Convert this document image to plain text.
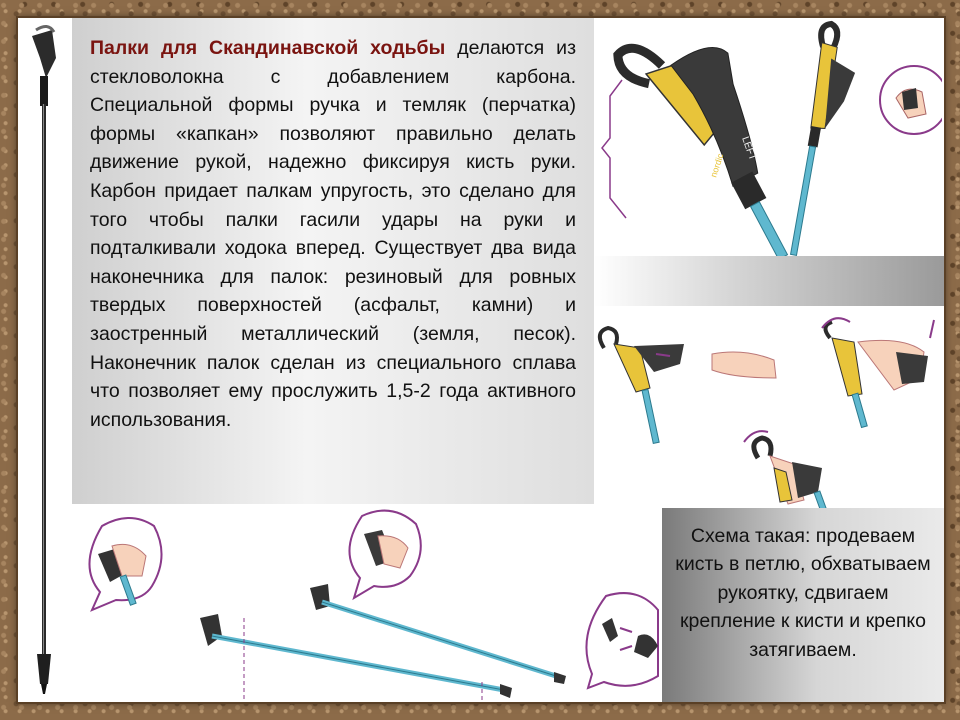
Палки для Скандинавской ходьбы делаются из стекловолокна с добавлением карбона. Специальной формы ручка и темляк (перчатка) формы «капкан» позволяют правильно делать движение рукой, надежно фиксируя кисть руки. Карбон придает палкам упругость, это сделано для того чтобы палки гасили удары на руки и подталкивали ходока вперед. Существует два вида наконечника для палок: резиновый для ровных твердых поверхностей (асфальт, камни) и заостренный металлический (земля, песок). Наконечник палок сделан из специального сплава что позволяет ему прослужить 1,5-2 года активного использования.

LEFT
nordic

Схема такая: продеваем кисть в петлю, обхватываем рукоятку, сдвигаем крепление к кисти и крепко затягиваем.
